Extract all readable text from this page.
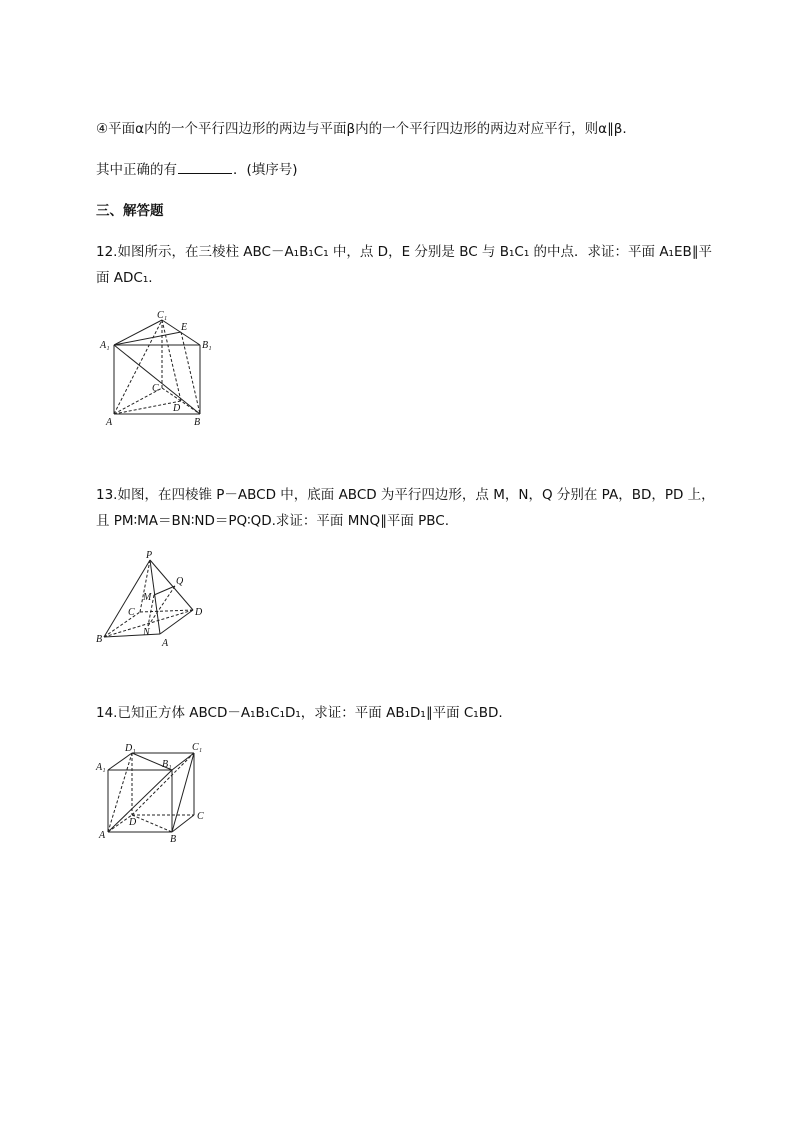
④平面α内的一个平行四边形的两边与平面β内的一个平行四边形的两边对应平行，则α∥β.
其中正确的有	．(填序号)
三、解答题
12.如图所示，在三棱柱 ABC－A₁B₁C₁ 中，点 D，E 分别是 BC 与 B₁C₁ 的中点．求证：平面 A₁EB∥平
面 ADC₁.
C₁
E
A₁	B₁
C
D
A	B
13.如图，在四棱锥 P－ABCD 中，底面 ABCD 为平行四边形，点 M，N，Q 分别在 PA，BD，PD 上，
且 PM∶MA＝BN∶ND＝PQ∶QD.求证：平面 MNQ∥平面 PBC.
P
Q
M
C	D
N
B	A
14.已知正方体 ABCD－A₁B₁C₁D₁，求证：平面 AB₁D₁∥平面 C₁BD.
D₁	C₁
A₁	B₁
C
D
A	B
